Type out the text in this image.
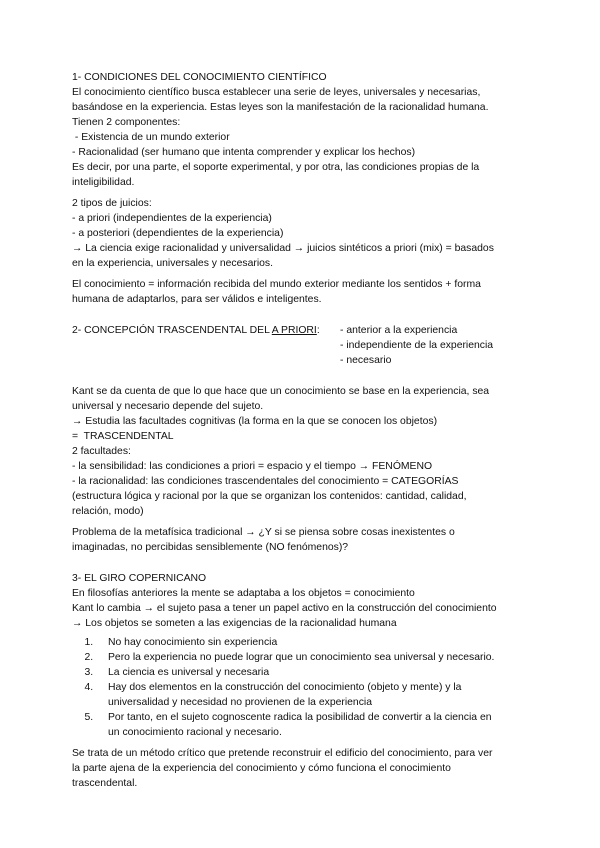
1- CONDICIONES DEL CONOCIMIENTO CIENTÍFICO
El conocimiento científico busca establecer una serie de leyes, universales y necesarias,
basándose en la experiencia. Estas leyes son la manifestación de la racionalidad humana.
Tienen 2 componentes:
- Existencia de un mundo exterior
- Racionalidad (ser humano que intenta comprender y explicar los hechos)
Es decir, por una parte, el soporte experimental, y por otra, las condiciones propias de la
inteligibilidad.
2 tipos de juicios:
- a priori (independientes de la experiencia)
- a posteriori (dependientes de la experiencia)
→ La ciencia exige racionalidad y universalidad → juicios sintéticos a priori (mix) = basados
en la experiencia, universales y necesarios.
El conocimiento = información recibida del mundo exterior mediante los sentidos + forma
humana de adaptarlos, para ser válidos e inteligentes.
2- CONCEPCIÓN TRASCENDENTAL DEL A PRIORI:	- anterior a la experiencia
- independiente de la experiencia
- necesario
Kant se da cuenta de que lo que hace que un conocimiento se base en la experiencia, sea
universal y necesario depende del sujeto.
→ Estudia las facultades cognitivas (la forma en la que se conocen los objetos)
=  TRASCENDENTAL
2 facultades:
- la sensibilidad: las condiciones a priori = espacio y el tiempo → FENÓMENO
- la racionalidad: las condiciones trascendentales del conocimiento = CATEGORÍAS
(estructura lógica y racional por la que se organizan los contenidos: cantidad, calidad,
relación, modo)
Problema de la metafísica tradicional → ¿Y si se piensa sobre cosas inexistentes o
imaginadas, no percibidas sensiblemente (NO fenómenos)?
3- EL GIRO COPERNICANO
En filosofías anteriores la mente se adaptaba a los objetos = conocimiento
Kant lo cambia → el sujeto pasa a tener un papel activo en la construcción del conocimiento
→ Los objetos se someten a las exigencias de la racionalidad humana
1. No hay conocimiento sin experiencia
2. Pero la experiencia no puede lograr que un conocimiento sea universal y necesario.
3. La ciencia es universal y necesaria
4. Hay dos elementos en la construcción del conocimiento (objeto y mente) y la
universalidad y necesidad no provienen de la experiencia
5. Por tanto, en el sujeto cognoscente radica la posibilidad de convertir a la ciencia en
un conocimiento racional y necesario.
Se trata de un método crítico que pretende reconstruir el edificio del conocimiento, para ver
la parte ajena de la experiencia del conocimiento y cómo funciona el conocimiento
trascendental.
